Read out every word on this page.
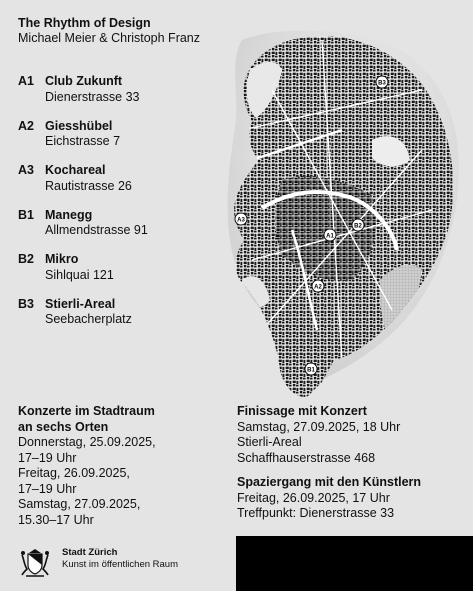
The Rhythm of Design
Michael Meier & Christoph Franz
A1 Club Zukunft
Dienerstrasse 33
A2 Giesshübel
Eichstrasse 7
A3 Kochareal
Rautistrasse 26
B1 Manegg
Allmendstrasse 91
B2 Mikro
Sihlquai 121
B3 Stierli-Areal
Seebacherplatz
A3
B2
A1
A2
B1
B3
Konzerte im Stadtraum
an sechs Orten
Donnerstag, 25.09.2025,
17–19 Uhr
Freitag, 26.09.2025,
17–19 Uhr
Samstag, 27.09.2025,
15.30–17 Uhr
Finissage mit Konzert
Samstag, 27.09.2025, 18 Uhr
Stierli-Areal
Schaffhauserstrasse 468
Spaziergang mit den Künstlern
Freitag, 26.09.2025, 17 Uhr
Treffpunkt: Dienerstrasse 33
Stadt Zürich
Kunst im öffentlichen Raum
